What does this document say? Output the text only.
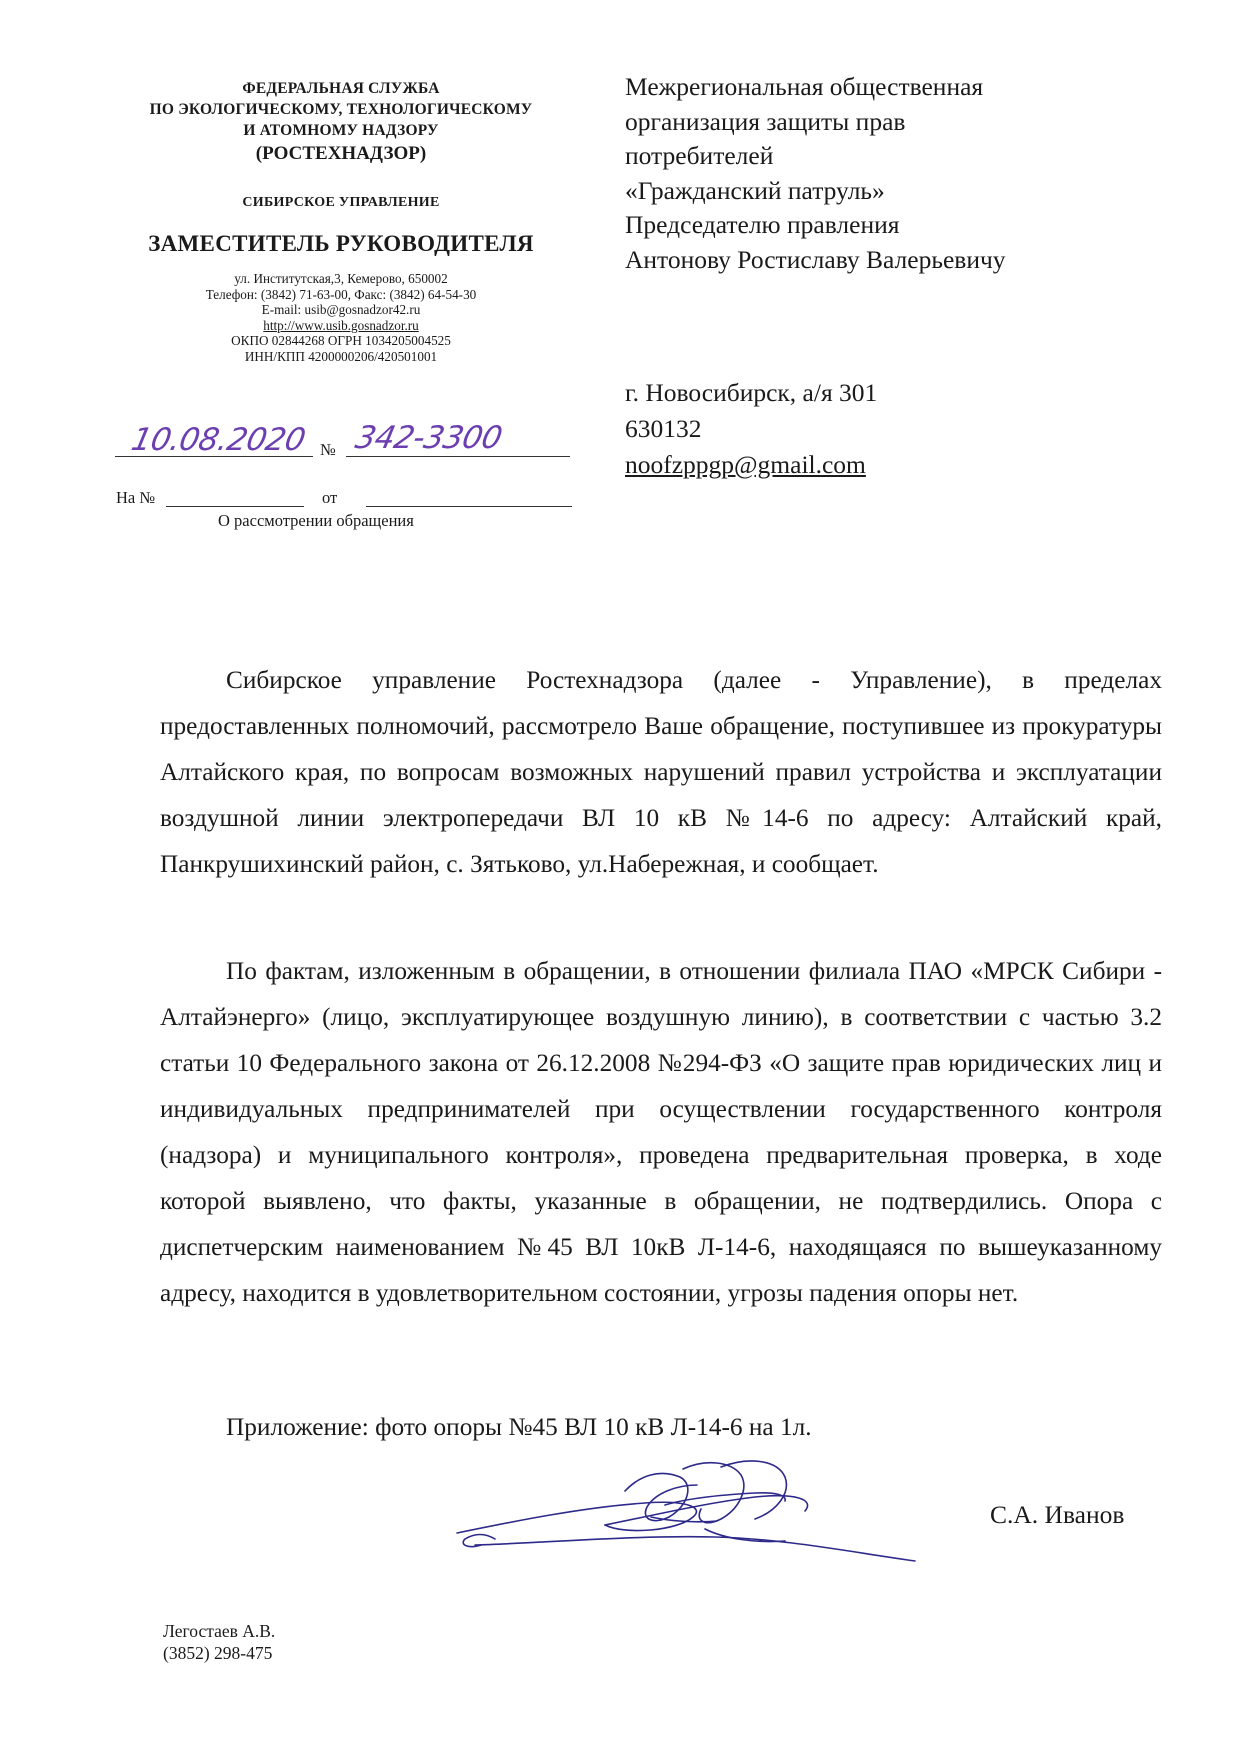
ФЕДЕРАЛЬНАЯ СЛУЖБА
ПО ЭКОЛОГИЧЕСКОМУ, ТЕХНОЛОГИЧЕСКОМУ
И АТОМНОМУ НАДЗОРУ
(РОСТЕХНАДЗОР)
СИБИРСКОЕ УПРАВЛЕНИЕ
ЗАМЕСТИТЕЛЬ РУКОВОДИТЕЛЯ
ул. Институтская,3, Кемерово, 650002
Телефон: (3842) 71-63-00, Факс: (3842) 64-54-30
E-mail: usib@gosnadzor42.ru
http://www.usib.gosnadzor.ru
ОКПО 02844268 ОГРН 1034205004525
ИНН/КПП 4200000206/420501001
10.08.2020 № 342-3300
На №	от
О рассмотрении обращения
Межрегиональная общественная
организация защиты прав
потребителей
«Гражданский патруль»
Председателю правления
Антонову Ростиславу Валерьевичу
г. Новосибирск, а/я 301
630132
noofzppgp@gmail.com

Сибирское управление Ростехнадзора (далее - Управление), в пределах предоставленных полномочий, рассмотрело Ваше обращение, поступившее из прокуратуры Алтайского края, по вопросам возможных нарушений правил устройства и эксплуатации воздушной линии электропередачи ВЛ 10 кВ №14-6 по адресу: Алтайский край, Панкрушихинский район, с. Зятьково, ул.Набережная, и сообщает.

По фактам, изложенным в обращении, в отношении филиала ПАО «МРСК Сибири - Алтайэнерго» (лицо, эксплуатирующее воздушную линию), в соответствии с частью 3.2 статьи 10 Федерального закона от 26.12.2008 №294-ФЗ «О защите прав юридических лиц и индивидуальных предпринимателей при осуществлении государственного контроля (надзора) и муниципального контроля», проведена предварительная проверка, в ходе которой выявлено, что факты, указанные в обращении, не подтвердились. Опора с диспетчерским наименованием №45 ВЛ 10кВ Л-14-6, находящаяся по вышеуказанному адресу, находится в удовлетворительном состоянии, угрозы падения опоры нет.

Приложение: фото опоры №45 ВЛ 10 кВ Л-14-6 на 1л.

С.А. Иванов
Легостаев А.В.
(3852) 298-475
